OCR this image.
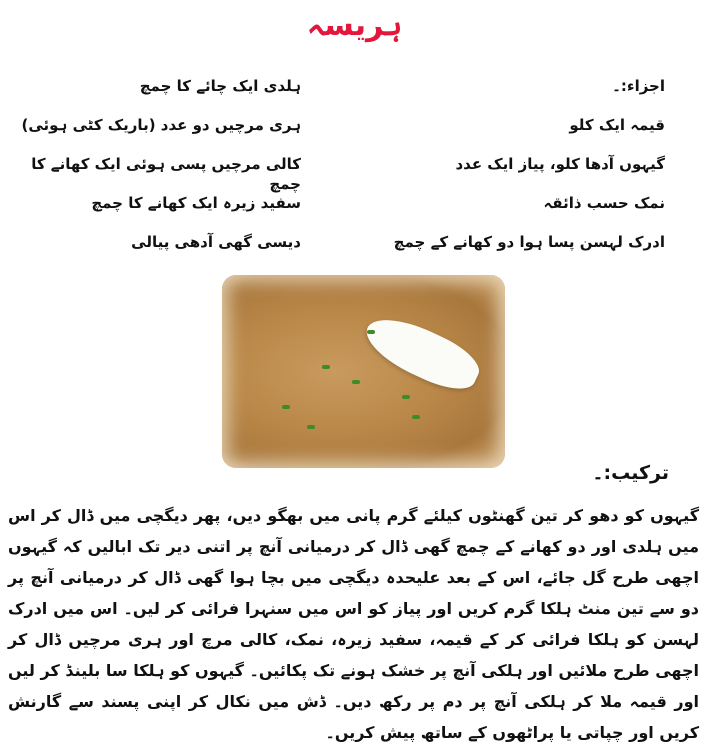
ہریسہ
اجزاء:۔
قیمہ ایک کلو
گیہوں آدھا کلو، پیاز ایک عدد
نمک حسب ذائقہ
ادرک لہسن پسا ہوا دو کھانے کے چمچ
ہلدی ایک چائے کا چمچ
ہری مرچیں دو عدد (باریک کٹی ہوئی)
کالی مرچیں پسی ہوئی ایک کھانے کا چمچ
سفید زیرہ ایک کھانے کا چمچ
دیسی گھی آدھی پیالی
ترکیب:۔
گیہوں کو دھو کر تین گھنٹوں کیلئے گرم پانی میں بھگو دیں، پھر دیگچی میں ڈال کر اس میں ہلدی اور دو کھانے کے چمچ گھی ڈال کر درمیانی آنچ پر اتنی دیر تک ابالیں کہ گیہوں اچھی طرح گل جائے، اس کے بعد علیحدہ دیگچی میں بچا ہوا گھی ڈال کر درمیانی آنچ پر دو سے تین منٹ ہلکا گرم کریں اور پیاز کو اس میں سنہرا فرائی کر لیں۔ اس میں ادرک لہسن کو ہلکا فرائی کر کے قیمہ، سفید زیرہ، نمک، کالی مرچ اور ہری مرچیں ڈال کر اچھی طرح ملائیں اور ہلکی آنچ پر خشک ہونے تک پکائیں۔ گیہوں کو ہلکا سا بلینڈ کر لیں اور قیمہ ملا کر ہلکی آنچ پر دم پر رکھ دیں۔ ڈش میں نکال کر اپنی پسند سے گارنش کریں اور چپاتی یا پراٹھوں کے ساتھ پیش کریں۔
